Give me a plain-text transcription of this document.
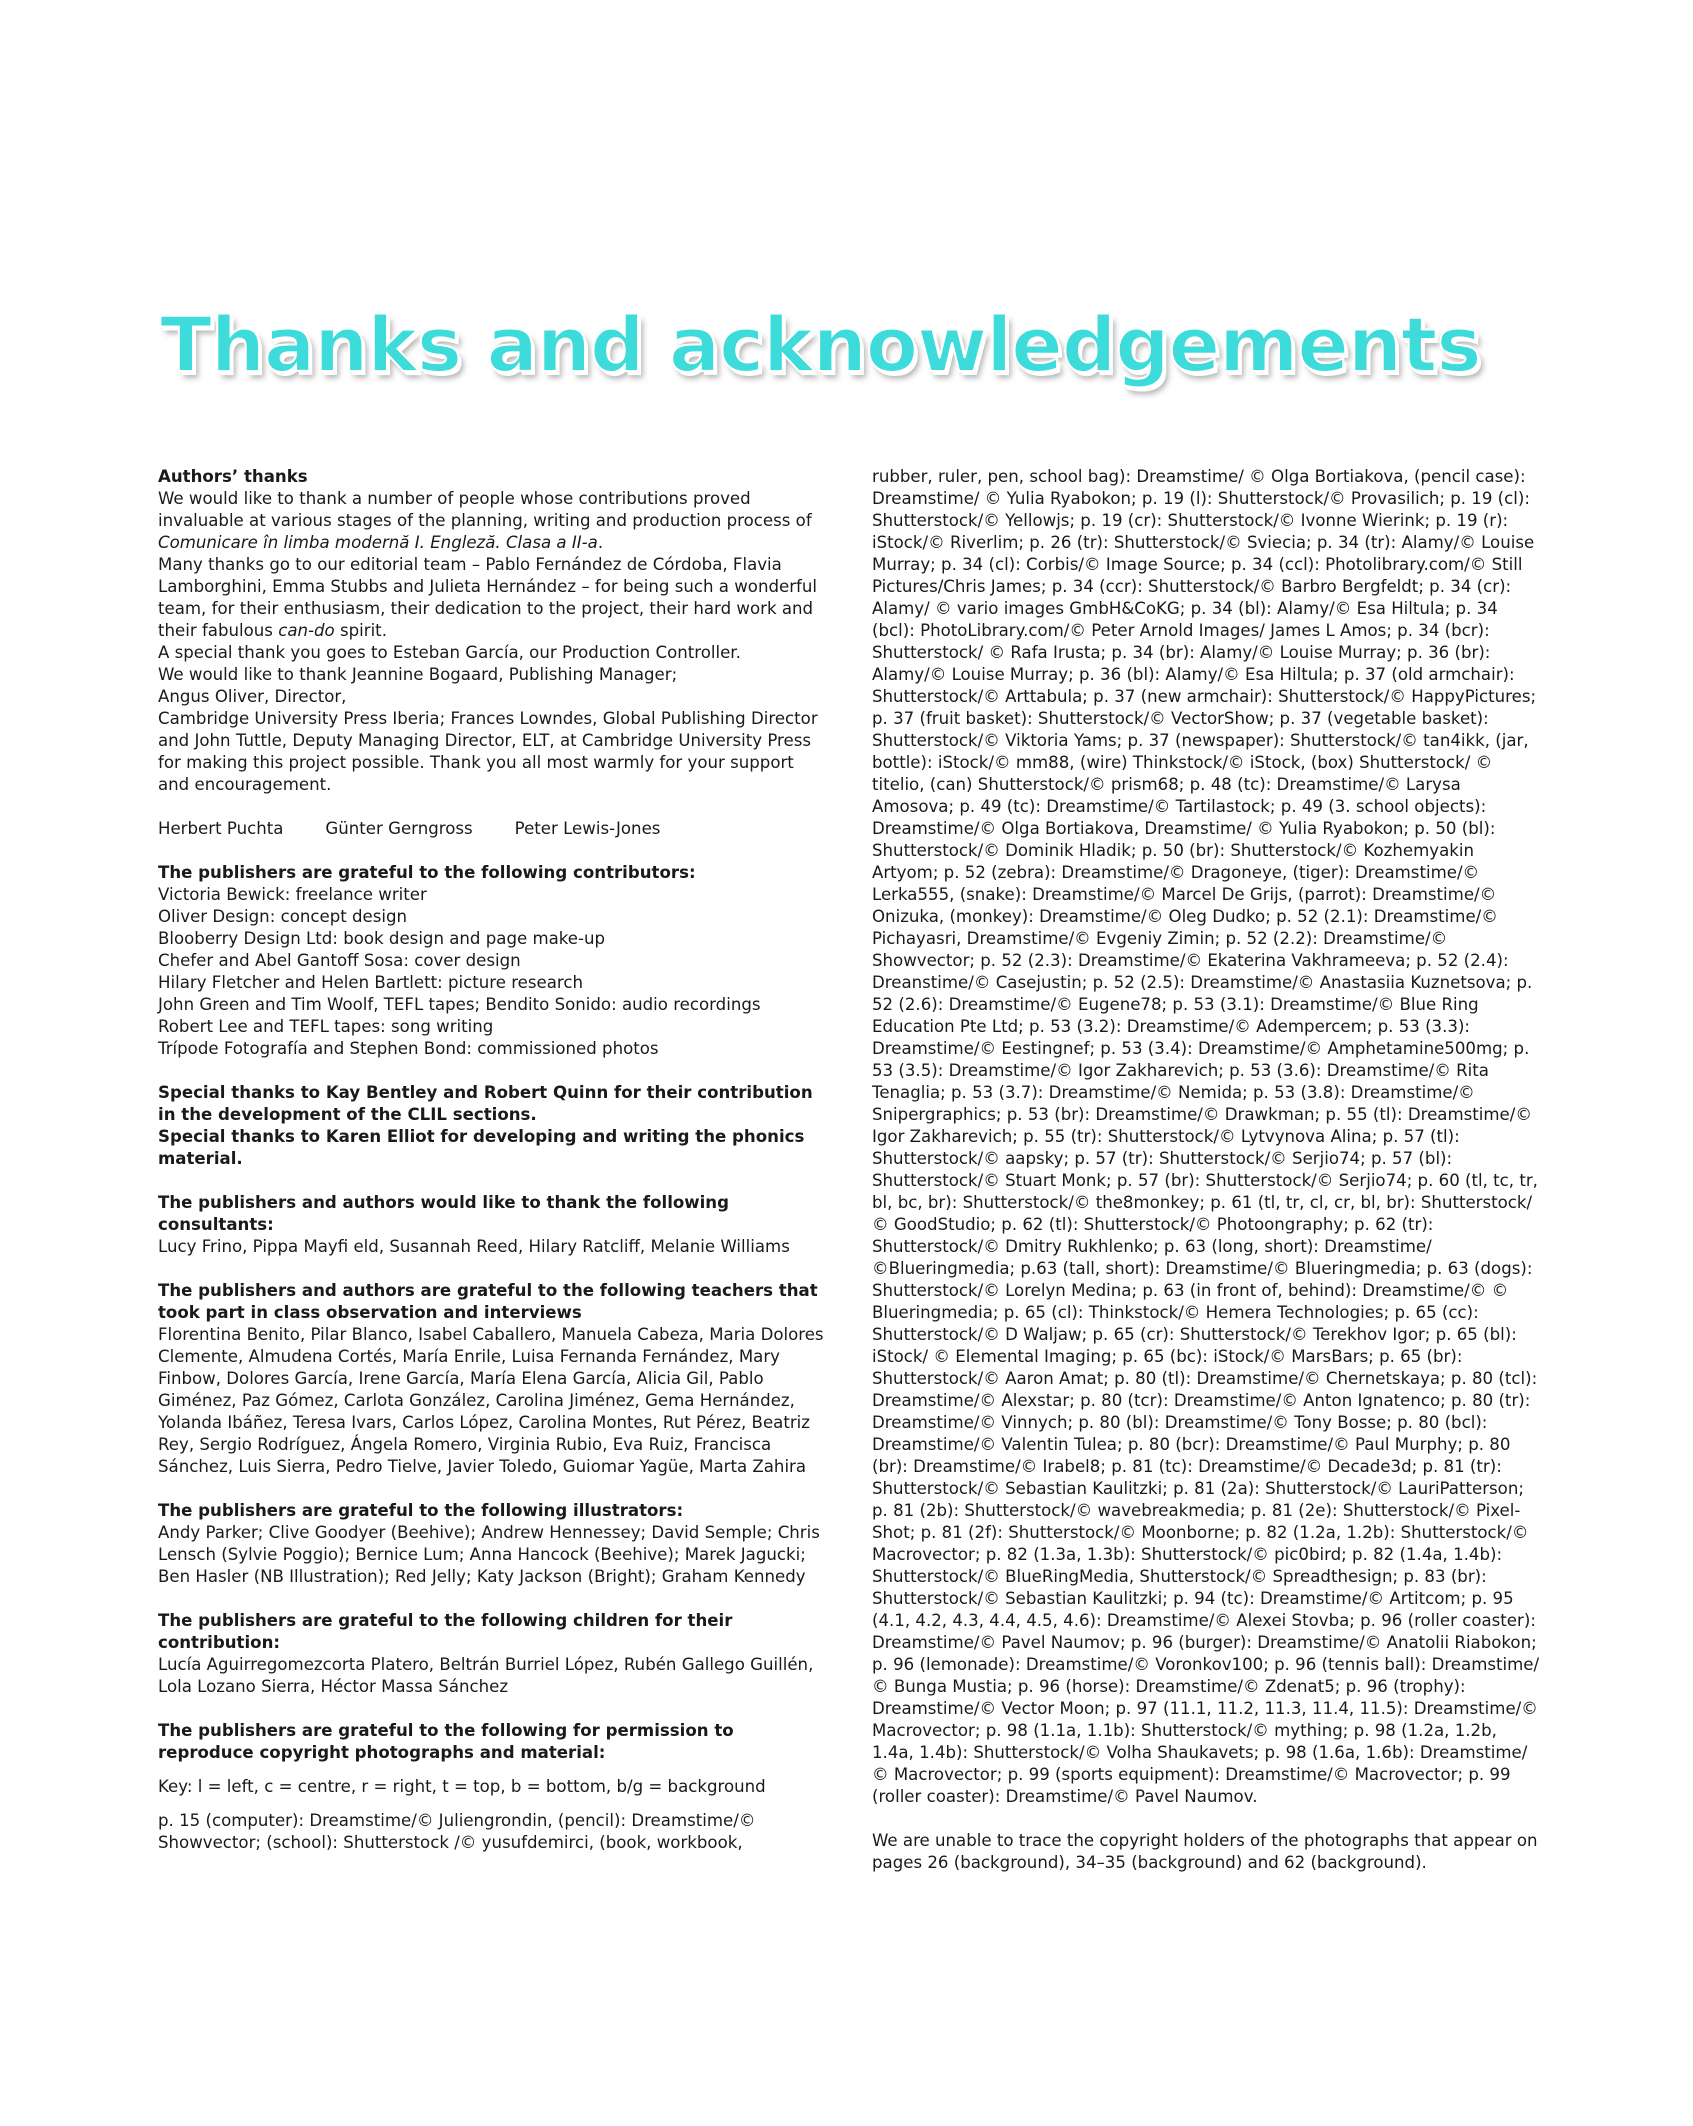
Thanks and acknowledgements

Authors’ thanks

We would like to thank a number of people whose contributions proved invaluable at various stages of the planning, writing and production process of Comunicare în limba modernă I. Engleză. Clasa a II-a.

Many thanks go to our editorial team – Pablo Fernández de Córdoba, Flavia Lamborghini, Emma Stubbs and Julieta Hernández – for being such a wonderful team, for their enthusiasm, their dedication to the project, their hard work and their fabulous can-do spirit.

A special thank you goes to Esteban García, our Production Controller.

We would like to thank Jeannine Bogaard, Publishing Manager;

Angus Oliver, Director,

Cambridge University Press Iberia; Frances Lowndes, Global Publishing Director and John Tuttle, Deputy Managing Director, ELT, at Cambridge University Press for making this project possible. Thank you all most warmly for your support and encouragement.

Herbert Puchta	Günter Gerngross	Peter Lewis-Jones

The publishers are grateful to the following contributors:

Victoria Bewick: freelance writer

Oliver Design: concept design

Blooberry Design Ltd: book design and page make-up

Chefer and Abel Gantoff Sosa: cover design

Hilary Fletcher and Helen Bartlett: picture research

John Green and Tim Woolf, TEFL tapes; Bendito Sonido: audio recordings

Robert Lee and TEFL tapes: song writing

Trípode Fotografía and Stephen Bond: commissioned photos

Special thanks to Kay Bentley and Robert Quinn for their contribution in the development of the CLIL sections.

Special thanks to Karen Elliot for developing and writing the phonics material.

The publishers and authors would like to thank the following consultants:

Lucy Frino, Pippa Mayfi eld, Susannah Reed, Hilary Ratcliff, Melanie Williams

The publishers and authors are grateful to the following teachers that took part in class observation and interviews

Florentina Benito, Pilar Blanco, Isabel Caballero, Manuela Cabeza, Maria Dolores Clemente, Almudena Cortés, María Enrile, Luisa Fernanda Fernández, Mary Finbow, Dolores García, Irene García, María Elena García, Alicia Gil, Pablo Giménez, Paz Gómez, Carlota González, Carolina Jiménez, Gema Hernández, Yolanda Ibáñez, Teresa Ivars, Carlos López, Carolina Montes, Rut Pérez, Beatriz Rey, Sergio Rodríguez, Ángela Romero, Virginia Rubio, Eva Ruiz, Francisca Sánchez, Luis Sierra, Pedro Tielve, Javier Toledo, Guiomar Yagüe, Marta Zahira

The publishers are grateful to the following illustrators:

Andy Parker; Clive Goodyer (Beehive); Andrew Hennessey; David Semple; Chris Lensch (Sylvie Poggio); Bernice Lum; Anna Hancock (Beehive); Marek Jagucki; Ben Hasler (NB Illustration); Red Jelly; Katy Jackson (Bright); Graham Kennedy

The publishers are grateful to the following children for their contribution:

Lucía Aguirregomezcorta Platero, Beltrán Burriel López, Rubén Gallego Guillén, Lola Lozano Sierra, Héctor Massa Sánchez

The publishers are grateful to the following for permission to reproduce copyright photographs and material:

Key: l = left, c = centre, r = right, t = top, b = bottom, b/g = background

p. 15 (computer): Dreamstime/© Juliengrondin, (pencil): Dreamstime/© Showvector; (school): Shutterstock /© yusufdemirci, (book, workbook,

rubber, ruler, pen, school bag): Dreamstime/ © Olga Bortiakova, (pencil case): Dreamstime/ © Yulia Ryabokon; p. 19 (l): Shutterstock/© Provasilich; p. 19 (cl): Shutterstock/© Yellowjs; p. 19 (cr): Shutterstock/© Ivonne Wierink; p. 19 (r): iStock/© Riverlim; p. 26 (tr): Shutterstock/© Sviecia; p. 34 (tr): Alamy/© Louise Murray; p. 34 (cl): Corbis/© Image Source; p. 34 (ccl): Photolibrary.com/© Still Pictures/Chris James; p. 34 (ccr): Shutterstock/© Barbro Bergfeldt; p. 34 (cr): Alamy/ © vario images GmbH&CoKG; p. 34 (bl): Alamy/© Esa Hiltula; p. 34 (bcl): PhotoLibrary.com/© Peter Arnold Images/ James L Amos; p. 34 (bcr): Shutterstock/ © Rafa Irusta; p. 34 (br): Alamy/© Louise Murray; p. 36 (br): Alamy/© Louise Murray; p. 36 (bl): Alamy/© Esa Hiltula; p. 37 (old armchair): Shutterstock/© Arttabula; p. 37 (new armchair): Shutterstock/© HappyPictures; p. 37 (fruit basket): Shutterstock/© VectorShow; p. 37 (vegetable basket): Shutterstock/© Viktoria Yams; p. 37 (newspaper): Shutterstock/© tan4ikk, (jar, bottle): iStock/© mm88, (wire) Thinkstock/© iStock, (box) Shutterstock/ © titelio, (can) Shutterstock/© prism68; p. 48 (tc): Dreamstime/© Larysa Amosova; p. 49 (tc): Dreamstime/© Tartilastock; p. 49 (3. school objects): Dreamstime/© Olga Bortiakova, Dreamstime/ © Yulia Ryabokon; p. 50 (bl): Shutterstock/© Dominik Hladik; p. 50 (br): Shutterstock/© Kozhemyakin Artyom; p. 52 (zebra): Dreamstime/© Dragoneye, (tiger): Dreamstime/© Lerka555, (snake): Dreamstime/© Marcel De Grijs, (parrot): Dreamstime/© Onizuka, (monkey): Dreamstime/© Oleg Dudko; p. 52 (2.1): Dreamstime/© Pichayasri, Dreamstime/© Evgeniy Zimin; p. 52 (2.2): Dreamstime/© Showvector; p. 52 (2.3): Dreamstime/© Ekaterina Vakhrameeva; p. 52 (2.4): Dreanstime/© Casejustin; p. 52 (2.5): Dreamstime/© Anastasiia Kuznetsova; p. 52 (2.6): Dreamstime/© Eugene78; p. 53 (3.1): Dreamstime/© Blue Ring Education Pte Ltd; p. 53 (3.2): Dreamstime/© Adempercem; p. 53 (3.3): Dreamstime/© Eestingnef; p. 53 (3.4): Dreamstime/© Amphetamine500mg; p. 53 (3.5): Dreamstime/© Igor Zakharevich; p. 53 (3.6): Dreamstime/© Rita Tenaglia; p. 53 (3.7): Dreamstime/© Nemida; p. 53 (3.8): Dreamstime/© Snipergraphics; p. 53 (br): Dreamstime/© Drawkman; p. 55 (tl): Dreamstime/© Igor Zakharevich; p. 55 (tr): Shutterstock/© Lytvynova Alina; p. 57 (tl): Shutterstock/© aapsky; p. 57 (tr): Shutterstock/© Serjio74; p. 57 (bl): Shutterstock/© Stuart Monk; p. 57 (br): Shutterstock/© Serjio74; p. 60 (tl, tc, tr, bl, bc, br): Shutterstock/© the8monkey; p. 61 (tl, tr, cl, cr, bl, br): Shutterstock/© GoodStudio; p. 62 (tl): Shutterstock/© Photoongraphy; p. 62 (tr): Shutterstock/© Dmitry Rukhlenko; p. 63 (long, short): Dreamstime/©Blueringmedia; p.63 (tall, short): Dreamstime/© Blueringmedia; p. 63 (dogs): Shutterstock/© Lorelyn Medina; p. 63 (in front of, behind): Dreamstime/© © Blueringmedia; p. 65 (cl): Thinkstock/© Hemera Technologies; p. 65 (cc): Shutterstock/© D Waljaw; p. 65 (cr): Shutterstock/© Terekhov Igor; p. 65 (bl): iStock/ © Elemental Imaging; p. 65 (bc): iStock/© MarsBars; p. 65 (br): Shutterstock/© Aaron Amat; p. 80 (tl): Dreamstime/© Chernetskaya; p. 80 (tcl): Dreamstime/© Alexstar; p. 80 (tcr): Dreamstime/© Anton Ignatenco; p. 80 (tr): Dreamstime/© Vinnych; p. 80 (bl): Dreamstime/© Tony Bosse; p. 80 (bcl): Dreamstime/© Valentin Tulea; p. 80 (bcr): Dreamstime/© Paul Murphy; p. 80 (br): Dreamstime/© Irabel8; p. 81 (tc): Dreamstime/© Decade3d; p. 81 (tr): Shutterstock/© Sebastian Kaulitzki; p. 81 (2a): Shutterstock/© LauriPatterson; p. 81 (2b): Shutterstock/© wavebreakmedia; p. 81 (2e): Shutterstock/© Pixel-Shot; p. 81 (2f): Shutterstock/© Moonborne; p. 82 (1.2a, 1.2b): Shutterstock/© Macrovector; p. 82 (1.3a, 1.3b): Shutterstock/© pic0bird; p. 82 (1.4a, 1.4b): Shutterstock/© BlueRingMedia, Shutterstock/© Spreadthesign; p. 83 (br): Shutterstock/© Sebastian Kaulitzki; p. 94 (tc): Dreamstime/© Artitcom; p. 95 (4.1, 4.2, 4.3, 4.4, 4.5, 4.6): Dreamstime/© Alexei Stovba; p. 96 (roller coaster): Dreamstime/© Pavel Naumov; p. 96 (burger): Dreamstime/© Anatolii Riabokon; p. 96 (lemonade): Dreamstime/© Voronkov100; p. 96 (tennis ball): Dreamstime/© Bunga Mustia; p. 96 (horse): Dreamstime/© Zdenat5; p. 96 (trophy): Dreamstime/© Vector Moon; p. 97 (11.1, 11.2, 11.3, 11.4, 11.5): Dreamstime/© Macrovector; p. 98 (1.1a, 1.1b): Shutterstock/© mything; p. 98 (1.2a, 1.2b, 1.4a, 1.4b): Shutterstock/© Volha Shaukavets; p. 98 (1.6a, 1.6b): Dreamstime/© Macrovector; p. 99 (sports equipment): Dreamstime/© Macrovector; p. 99 (roller coaster): Dreamstime/© Pavel Naumov.

We are unable to trace the copyright holders of the photographs that appear on pages 26 (background), 34–35 (background) and 62 (background).
